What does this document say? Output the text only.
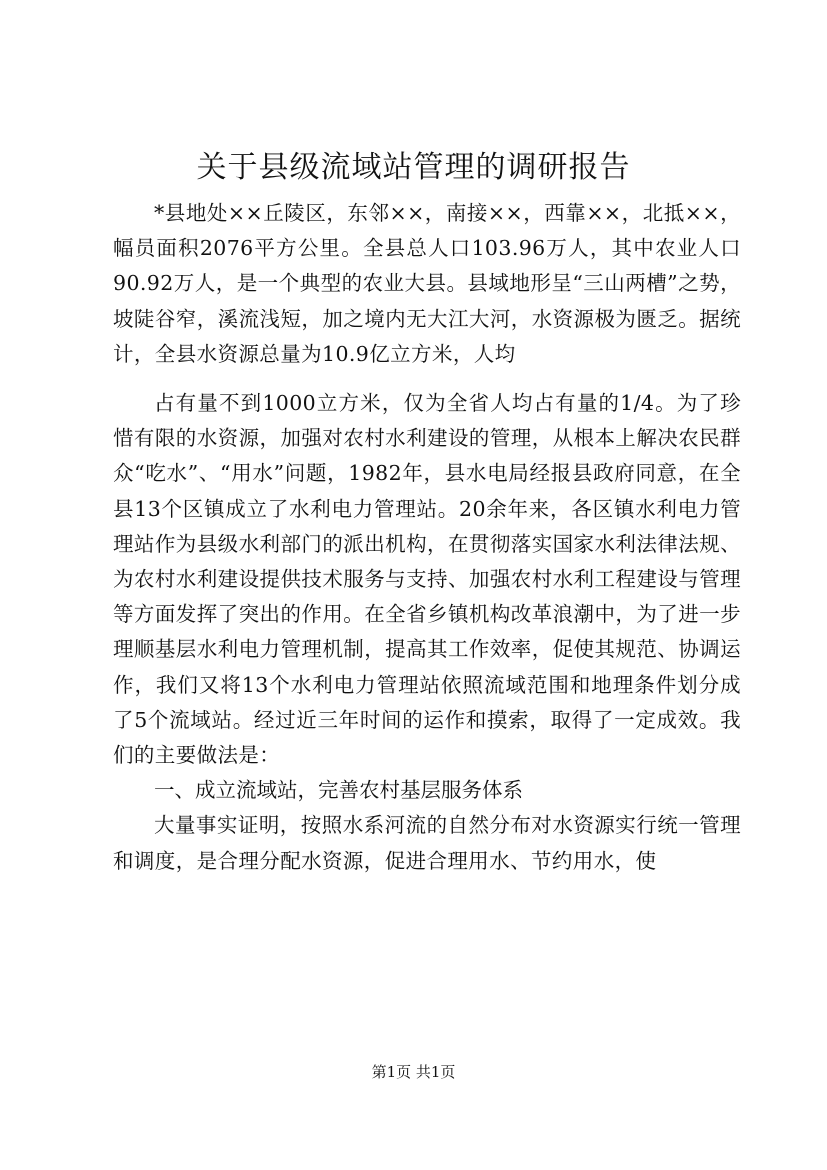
关于县级流域站管理的调研报告

*县地处××丘陵区，东邻××，南接××，西靠××，北抵××，幅员面积2076平方公里。全县总人口103.96万人，其中农业人口90.92万人，是一个典型的农业大县。县域地形呈“三山两槽”之势，坡陡谷窄，溪流浅短，加之境内无大江大河，水资源极为匮乏。据统计，全县水资源总量为10.9亿立方米，人均

占有量不到1000立方米，仅为全省人均占有量的1/4。为了珍惜有限的水资源，加强对农村水利建设的管理，从根本上解决农民群众“吃水”、“用水”问题，1982年，县水电局经报县政府同意，在全县13个区镇成立了水利电力管理站。20余年来，各区镇水利电力管理站作为县级水利部门的派出机构，在贯彻落实国家水利法律法规、为农村水利建设提供技术服务与支持、加强农村水利工程建设与管理等方面发挥了突出的作用。在全省乡镇机构改革浪潮中，为了进一步理顺基层水利电力管理机制，提高其工作效率，促使其规范、协调运作，我们又将13个水利电力管理站依照流域范围和地理条件划分成了5个流域站。经过近三年时间的运作和摸索，取得了一定成效。我们的主要做法是：

一、成立流域站，完善农村基层服务体系

大量事实证明，按照水系河流的自然分布对水资源实行统一管理和调度，是合理分配水资源，促进合理用水、节约用水，使

第1页 共1页
